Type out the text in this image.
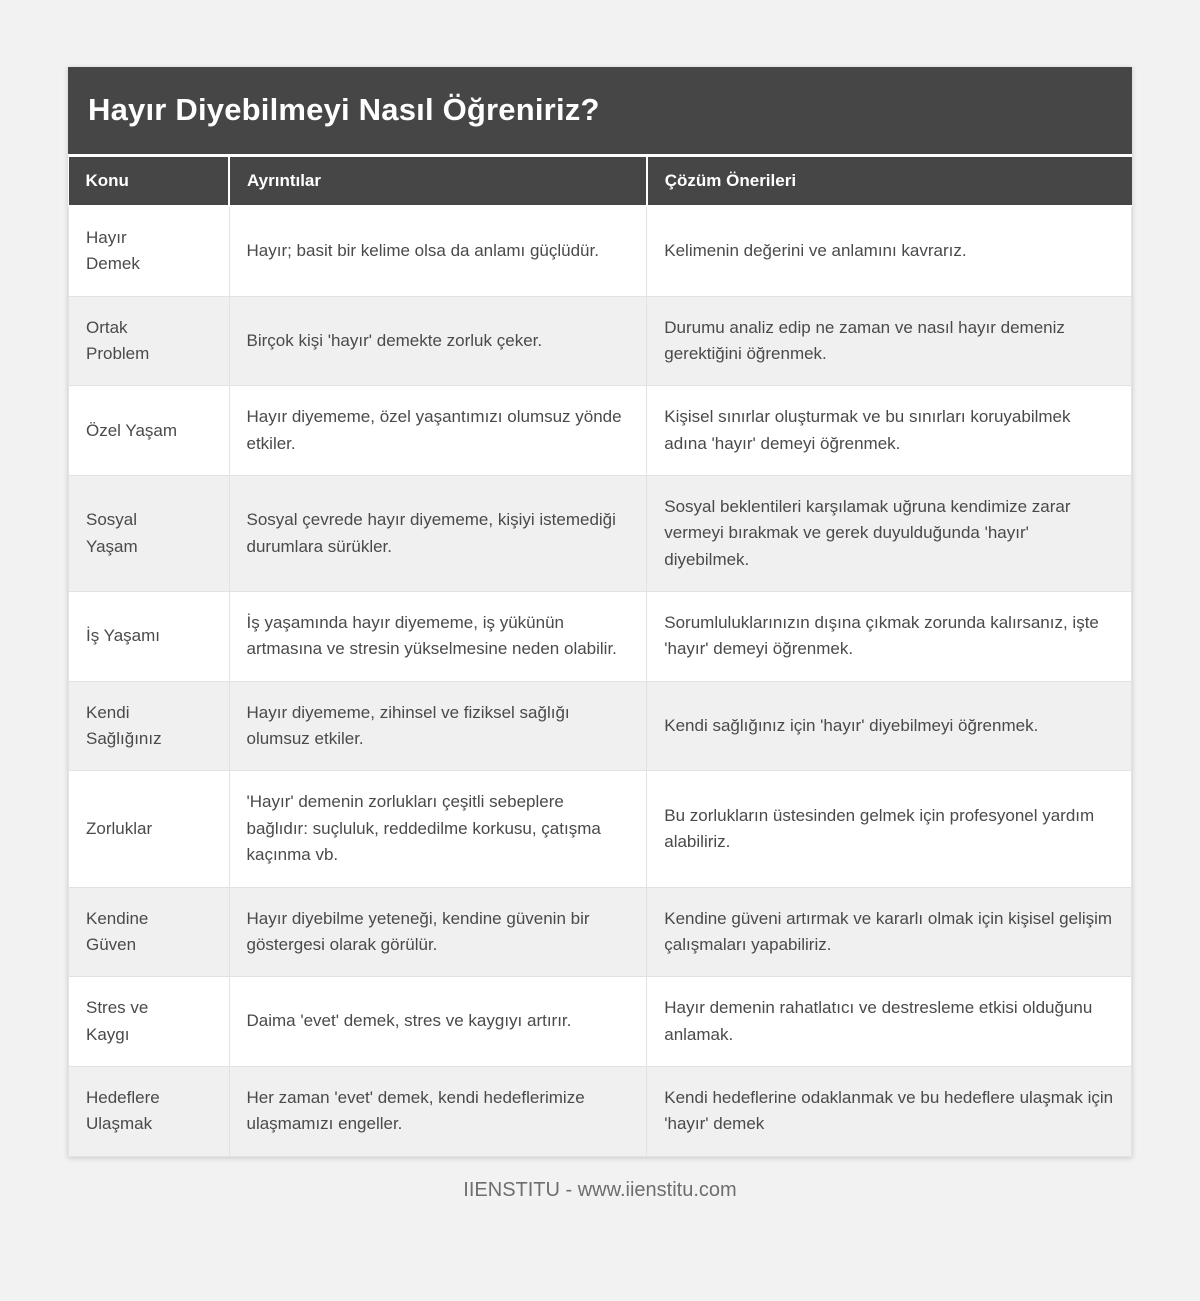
Hayır Diyebilmeyi Nasıl Öğreniriz?
Konu	Ayrıntılar	Çözüm Önerileri

Hayır Demek	Hayır; basit bir kelime olsa da anlamı güçlüdür.	Kelimenin değerini ve anlamını kavrarız.

Ortak Problem	Birçok kişi 'hayır' demekte zorluk çeker.	Durumu analiz edip ne zaman ve nasıl hayır demeniz gerektiğini öğrenmek.

Özel Yaşam	Hayır diyememe, özel yaşantımızı olumsuz yönde etkiler.	Kişisel sınırlar oluşturmak ve bu sınırları koruyabilmek adına 'hayır' demeyi öğrenmek.

Sosyal Yaşam	Sosyal çevrede hayır diyememe, kişiyi istemediği durumlara sürükler.	Sosyal beklentileri karşılamak uğruna kendimize zarar vermeyi bırakmak ve gerek duyulduğunda 'hayır' diyebilmek.

İş Yaşamı	İş yaşamında hayır diyememe, iş yükünün artmasına ve stresin yükselmesine neden olabilir.	Sorumluluklarınızın dışına çıkmak zorunda kalırsanız, işte 'hayır' demeyi öğrenmek.

Kendi Sağlığınız	Hayır diyememe, zihinsel ve fiziksel sağlığı olumsuz etkiler.	Kendi sağlığınız için 'hayır' diyebilmeyi öğrenmek.

Zorluklar	'Hayır' demenin zorlukları çeşitli sebeplere bağlıdır: suçluluk, reddedilme korkusu, çatışma kaçınma vb.	Bu zorlukların üstesinden gelmek için profesyonel yardım alabiliriz.

Kendine Güven	Hayır diyebilme yeteneği, kendine güvenin bir göstergesi olarak görülür.	Kendine güveni artırmak ve kararlı olmak için kişisel gelişim çalışmaları yapabiliriz.

Stres ve Kaygı	Daima 'evet' demek, stres ve kaygıyı artırır.	Hayır demenin rahatlatıcı ve destresleme etkisi olduğunu anlamak.

Hedeflere Ulaşmak	Her zaman 'evet' demek, kendi hedeflerimize ulaşmamızı engeller.	Kendi hedeflerine odaklanmak ve bu hedeflere ulaşmak için 'hayır' demek
IIENSTITU - www.iienstitu.com
